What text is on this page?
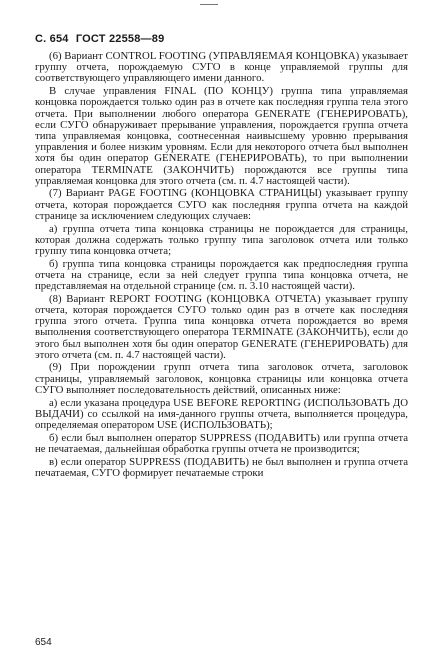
С. 654 ГОСТ 22558—89

(6) Вариант CONTROL FOOTING (УПРАВЛЯЕМАЯ КОНЦОВКА) указывает группу отчета, порождаемую СУГО в конце управляемой группы для соответствующего управляющего имени данного.

В случае управления FINAL (ПО КОНЦУ) группа типа управляемая концовка порождается только один раз в отчете как последняя группа тела этого отчета. При выполнении любого оператора GENERATE (ГЕНЕРИРОВАТЬ), если СУГО обнаруживает прерывание управления, порождается группа отчета типа управляемая концовка, соотнесенная наивысшему уровню прерывания управления и более низким уровням. Если для некоторого отчета был выполнен хотя бы один оператор GENERATE (ГЕНЕРИРОВАТЬ), то при выполнении оператора TERMINATE (ЗАКОНЧИТЬ) порождаются все группы типа управляемая концовка для этого отчета (см. п. 4.7 настоящей части).

(7) Вариант PAGE FOOTING (КОНЦОВКА СТРАНИЦЫ) указывает группу отчета, которая порождается СУГО как последняя группа отчета на каждой странице за исключением следующих случаев:

а) группа отчета типа концовка страницы не порождается для страницы, которая должна содержать только группу типа заголовок отчета или только группу типа концовка отчета;

б) группа типа концовка страницы порождается как предпоследняя группа отчета на странице, если за ней следует группа типа концовка отчета, не представляемая на отдельной странице (см. п. 3.10 настоящей части).

(8) Вариант REPORT FOOTING (КОНЦОВКА ОТЧЕТА) указывает группу отчета, которая порождается СУГО только один раз в отчете как последняя группа этого отчета. Группа типа концовка отчета порождается во время выполнения соответствующего оператора TERMINATE (ЗАКОНЧИТЬ), если до этого был выполнен хотя бы один оператор GENERATE (ГЕНЕРИРОВАТЬ) для этого отчета (см. п. 4.7 настоящей части).

(9) При порождении групп отчета типа заголовок отчета, заголовок страницы, управляемый заголовок, концовка страницы или концовка отчета СУГО выполняет последовательность действий, описанных ниже:

а) если указана процедура USE BEFORE REPORTING (ИСПОЛЬЗОВАТЬ ДО ВЫДАЧИ) со ссылкой на имя-данного группы отчета, выполняется процедура, определяемая оператором USE (ИСПОЛЬЗОВАТЬ);

б) если был выполнен оператор SUPPRESS (ПОДАВИТЬ) или группа отчета не печатаемая, дальнейшая обработка группы отчета не производится;

в) если оператор SUPPRESS (ПОДАВИТЬ) не был выполнен и группа отчета печатаемая, СУГО формирует печатаемые строки

654
